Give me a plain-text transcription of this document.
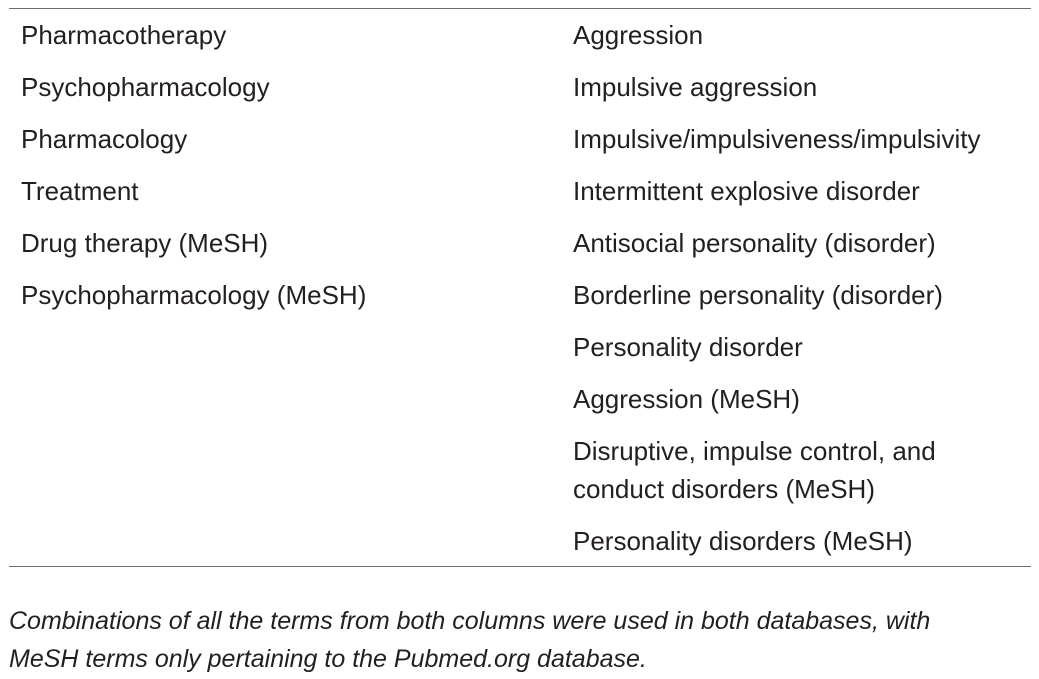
Pharmacotherapy
Psychopharmacology
Pharmacology
Treatment
Drug therapy (MeSH)
Psychopharmacology (MeSH)
Aggression
Impulsive aggression
Impulsive/impulsiveness/impulsivity
Intermittent explosive disorder
Antisocial personality (disorder)
Borderline personality (disorder)
Personality disorder
Aggression (MeSH)
Disruptive, impulse control, and
conduct disorders (MeSH)
Personality disorders (MeSH)
Combinations of all the terms from both columns were used in both databases, with
MeSH terms only pertaining to the Pubmed.org database.
